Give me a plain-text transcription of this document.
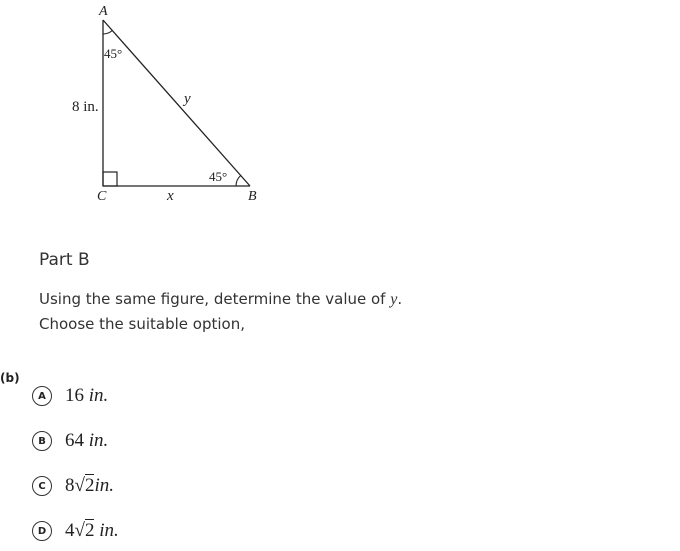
A
B
C
45°
45°
8 in.	y
x
Part B
Using the same figure, determine the value of y.
Choose the suitable option,
(b)
A	16 in.
B	64 in.
C	8√2in.
D 4√2 in.
